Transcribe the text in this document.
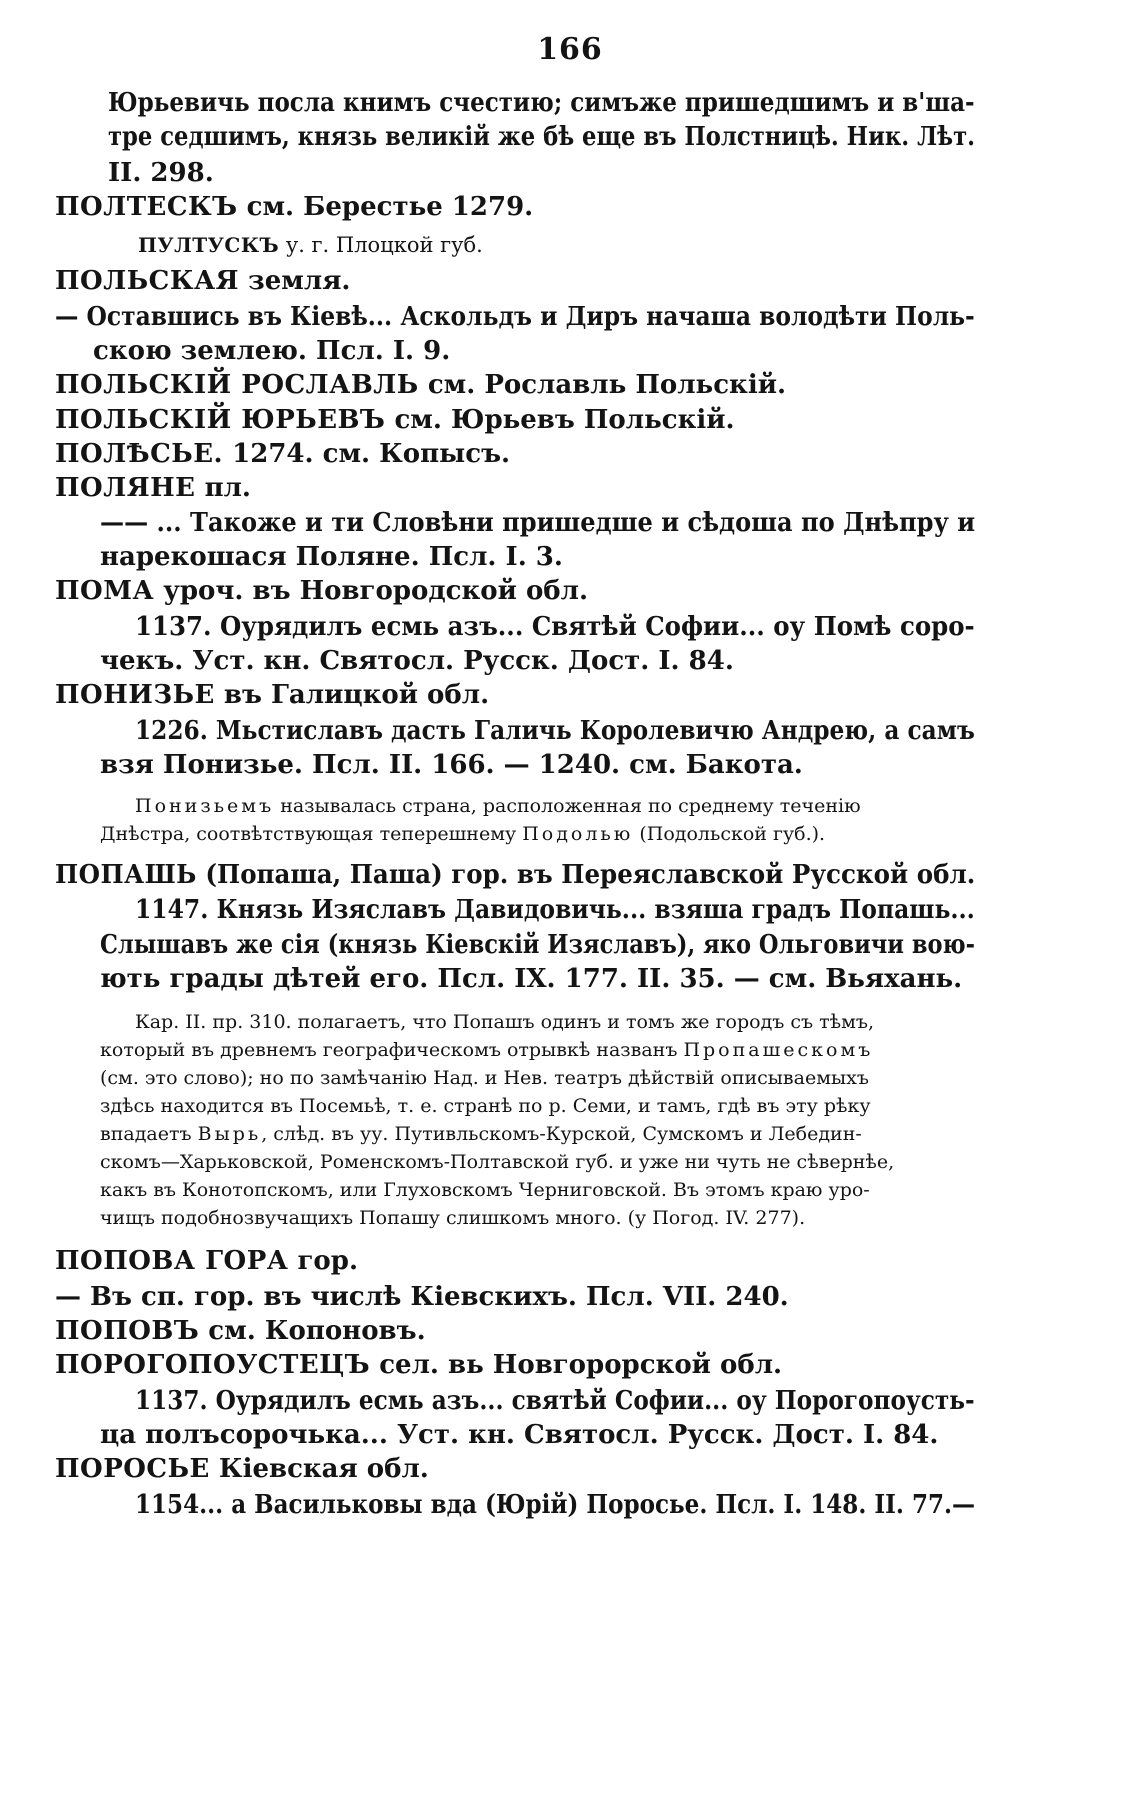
166
Юрьевичь посла книмъ счестию; симъже пришедшимъ и в'ша-
тре седшимъ, князь великій же бѣ еще въ Полстницѣ. Ник. Лѣт.
II. 298.
ПОЛТЕСКЪ см. Берестье 1279.
ПУЛТУСКЪ у. г. Плоцкой губ.
ПОЛЬСКАЯ земля.
— Оставшись въ Кіевѣ... Аскольдъ и Диръ начаша володѣти Поль-
скою землею. Псл. І. 9.
ПОЛЬСКІЙ РОСЛАВЛЬ см. Рославль Польскій.
ПОЛЬСКІЙ ЮРЬЕВЪ см. Юрьевъ Польскій.
ПОЛѢСЬЕ. 1274. см. Копысъ.
ПОЛЯНЕ пл.
—— ... Такоже и ти Словѣни пришедше и сѣдоша по Днѣпру и
нарекошася Поляне. Псл. І. 3.
ПОМА уроч. въ Новгородской обл.
1137. Оурядилъ есмь азъ... Святѣй Софии... оу Помѣ соро-
чекъ. Уст. кн. Святосл. Русск. Дост. І. 84.
ПОНИЗЬЕ въ Галицкой обл.
1226. Мьстиславъ дасть Галичь Королевичю Андрею, а самъ
взя Понизье. Псл. II. 166. — 1240. см. Бакота.
Понизьемъ называлась страна, расположенная по среднему теченію
Днѣстра, соотвѣтствующая теперешнему Подолью (Подольской губ.).
ПОПАШЬ (Попаша, Паша) гор. въ Переяславской Русской обл.
1147. Князь Изяславъ Давидовичь... взяша градъ Попашь...
Слышавъ же сія (князь Кіевскій Изяславъ), яко Ольговичи вою-
ють грады дѣтей его. Псл. IX. 177. II. 35. — см. Вьяхань.
Кар. II. пр. 310. полагаетъ, что Попашъ одинъ и томъ же городъ съ тѣмъ,
который въ древнемъ географическомъ отрывкѣ названъ Пропашескомъ
(см. это слово); но по замѣчанію Над. и Нев. театръ дѣйствій описываемыхъ
здѣсь находится въ Посемьѣ, т. е. странѣ по р. Семи, и тамъ, гдѣ въ эту рѣку
впадаетъ Вырь, слѣд. въ уу. Путивльскомъ-Курской, Сумскомъ и Лебедин-
скомъ—Харьковской, Роменскомъ-Полтавской губ. и уже ни чуть не сѣвернѣе,
какъ въ Конотопскомъ, или Глуховскомъ Черниговской. Въ этомъ краю уро-
чищъ подобнозвучащихъ Попашу слишкомъ много. (у Погод. IV. 277).
ПОПОВА ГОРА гор.
— Въ сп. гор. въ числѣ Кіевскихъ. Псл. VII. 240.
ПОПОВЪ см. Копоновъ.
ПОРОГОПОУСТЕЦЪ сел. вь Новгорорской обл.
1137. Оурядилъ есмь азъ... святѣй Софии... оу Порогопоусть-
ца полъсорочька... Уст. кн. Святосл. Русск. Дост. І. 84.
ПОРОСЬЕ Кіевская обл.
1154... а Васильковы вда (Юрій) Поросье. Псл. І. 148. II. 77.—
